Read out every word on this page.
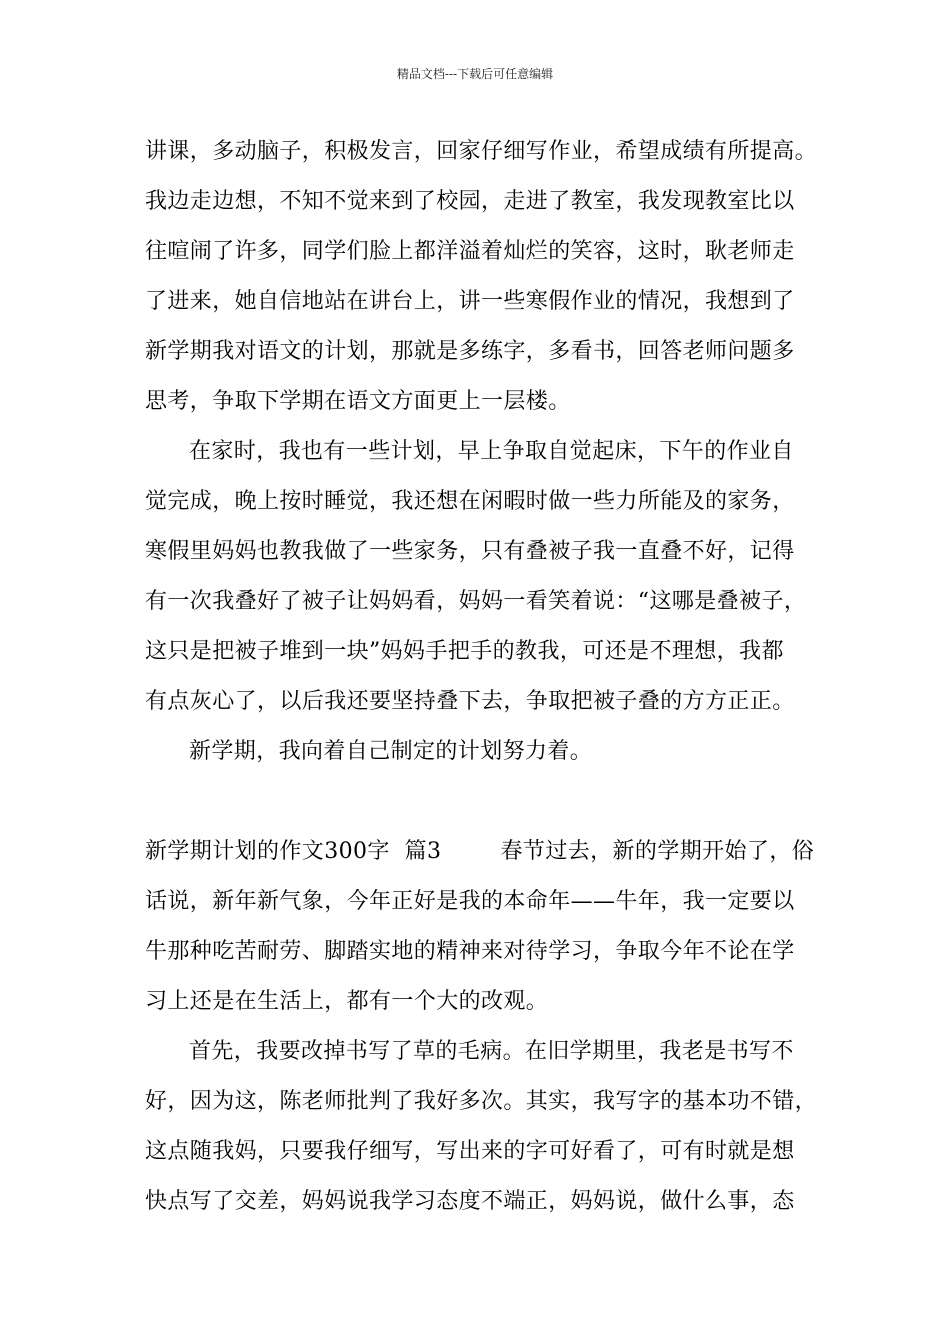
精品文档---下载后可任意编辑
讲课，多动脑子，积极发言，回家仔细写作业，希望成绩有所提高。
我边走边想，不知不觉来到了校园，走进了教室，我发现教室比以
往喧闹了许多，同学们脸上都洋溢着灿烂的笑容，这时，耿老师走
了进来，她自信地站在讲台上，讲一些寒假作业的情况，我想到了
新学期我对语文的计划，那就是多练字，多看书，回答老师问题多
思考，争取下学期在语文方面更上一层楼。
在家时，我也有一些计划，早上争取自觉起床，下午的作业自
觉完成，晚上按时睡觉，我还想在闲暇时做一些力所能及的家务，
寒假里妈妈也教我做了一些家务，只有叠被子我一直叠不好，记得
有一次我叠好了被子让妈妈看，妈妈一看笑着说：“这哪是叠被子，
这只是把被子堆到一块”妈妈手把手的教我，可还是不理想，我都
有点灰心了，以后我还要坚持叠下去，争取把被子叠的方方正正。
新学期，我向着自己制定的计划努力着。
新学期计划的作文300字  篇3        春节过去，新的学期开始了，俗
话说，新年新气象，今年正好是我的本命年——牛年，我一定要以
牛那种吃苦耐劳、脚踏实地的精神来对待学习，争取今年不论在学
习上还是在生活上，都有一个大的改观。
首先，我要改掉书写了草的毛病。在旧学期里，我老是书写不
好，因为这，陈老师批判了我好多次。其实，我写字的基本功不错，
这点随我妈，只要我仔细写，写出来的字可好看了，可有时就是想
快点写了交差，妈妈说我学习态度不端正，妈妈说，做什么事，态
